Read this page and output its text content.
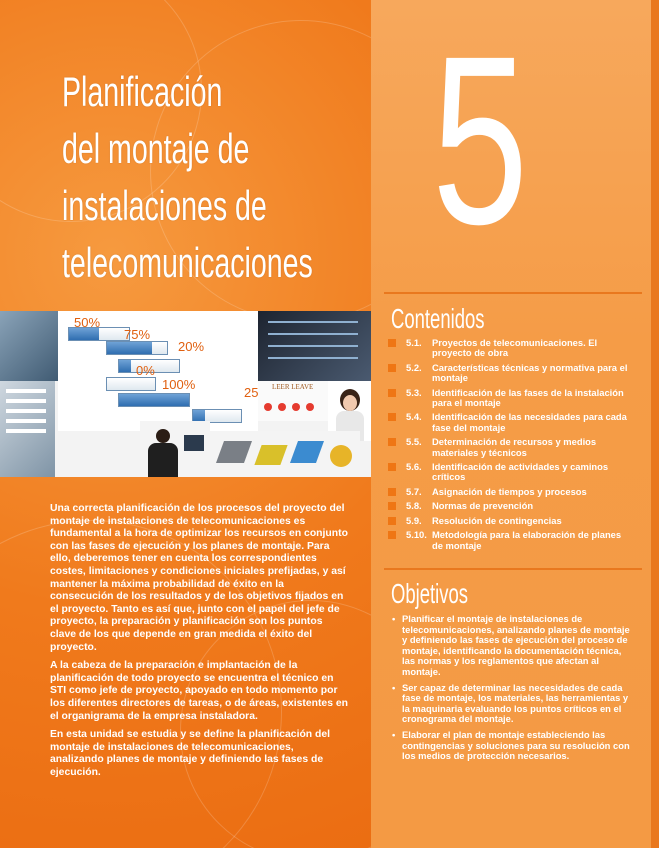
5
Planificación
del montaje de
instalaciones de
telecomunicaciones
50%
75%
20%
0%
100%
25 LEER LEAVE

Una correcta planificación de los procesos del proyecto del montaje de instalaciones de telecomunicaciones es fundamental a la hora de optimizar los recursos en conjunto con las fases de ejecución y los planes de montaje. Para ello, deberemos tener en cuenta los correspondientes costes, limitaciones y condiciones iniciales prefijadas, y así mantener la máxima probabilidad de éxito en la consecución de los resultados y de los objetivos fijados en el proyecto. Tanto es así que, junto con el papel del jefe de proyecto, la preparación y planificación son los puntos clave de los que depende en gran medida el éxito del proyecto.

A la cabeza de la preparación e implantación de la planificación de todo proyecto se encuentra el técnico en STI como jefe de proyecto, apoyado en todo momento por los diferentes directores de tareas, o de áreas, existentes en el organigrama de la empresa instaladora.

En esta unidad se estudia y se define la planificación del montaje de instalaciones de telecomunicaciones, analizando planes de montaje y definiendo las fases de ejecución.

Contenidos
5.1. Proyectos de telecomunicaciones. El proyecto de obra
5.2. Características técnicas y normativa para el montaje
5.3. Identificación de las fases de la instalación para el montaje
5.4. Identificación de las necesidades para cada fase del montaje
5.5. Determinación de recursos y medios materiales y técnicos
5.6. Identificación de actividades y caminos críticos
5.7. Asignación de tiempos y procesos
5.8. Normas de prevención
5.9. Resolución de contingencias
5.10. Metodología para la elaboración de planes de montaje
Objetivos
• Planificar el montaje de instalaciones de telecomunicaciones, analizando planes de montaje y definiendo las fases de ejecución del proceso de montaje, identificando la documentación técnica, las normas y los reglamentos que afectan al montaje.
• Ser capaz de determinar las necesidades de cada fase de montaje, los materiales, las herramientas y la maquinaria evaluando los puntos críticos en el cronograma del montaje.
• Elaborar el plan de montaje estableciendo las contingencias y soluciones para su resolución con los medios de protección necesarios.
